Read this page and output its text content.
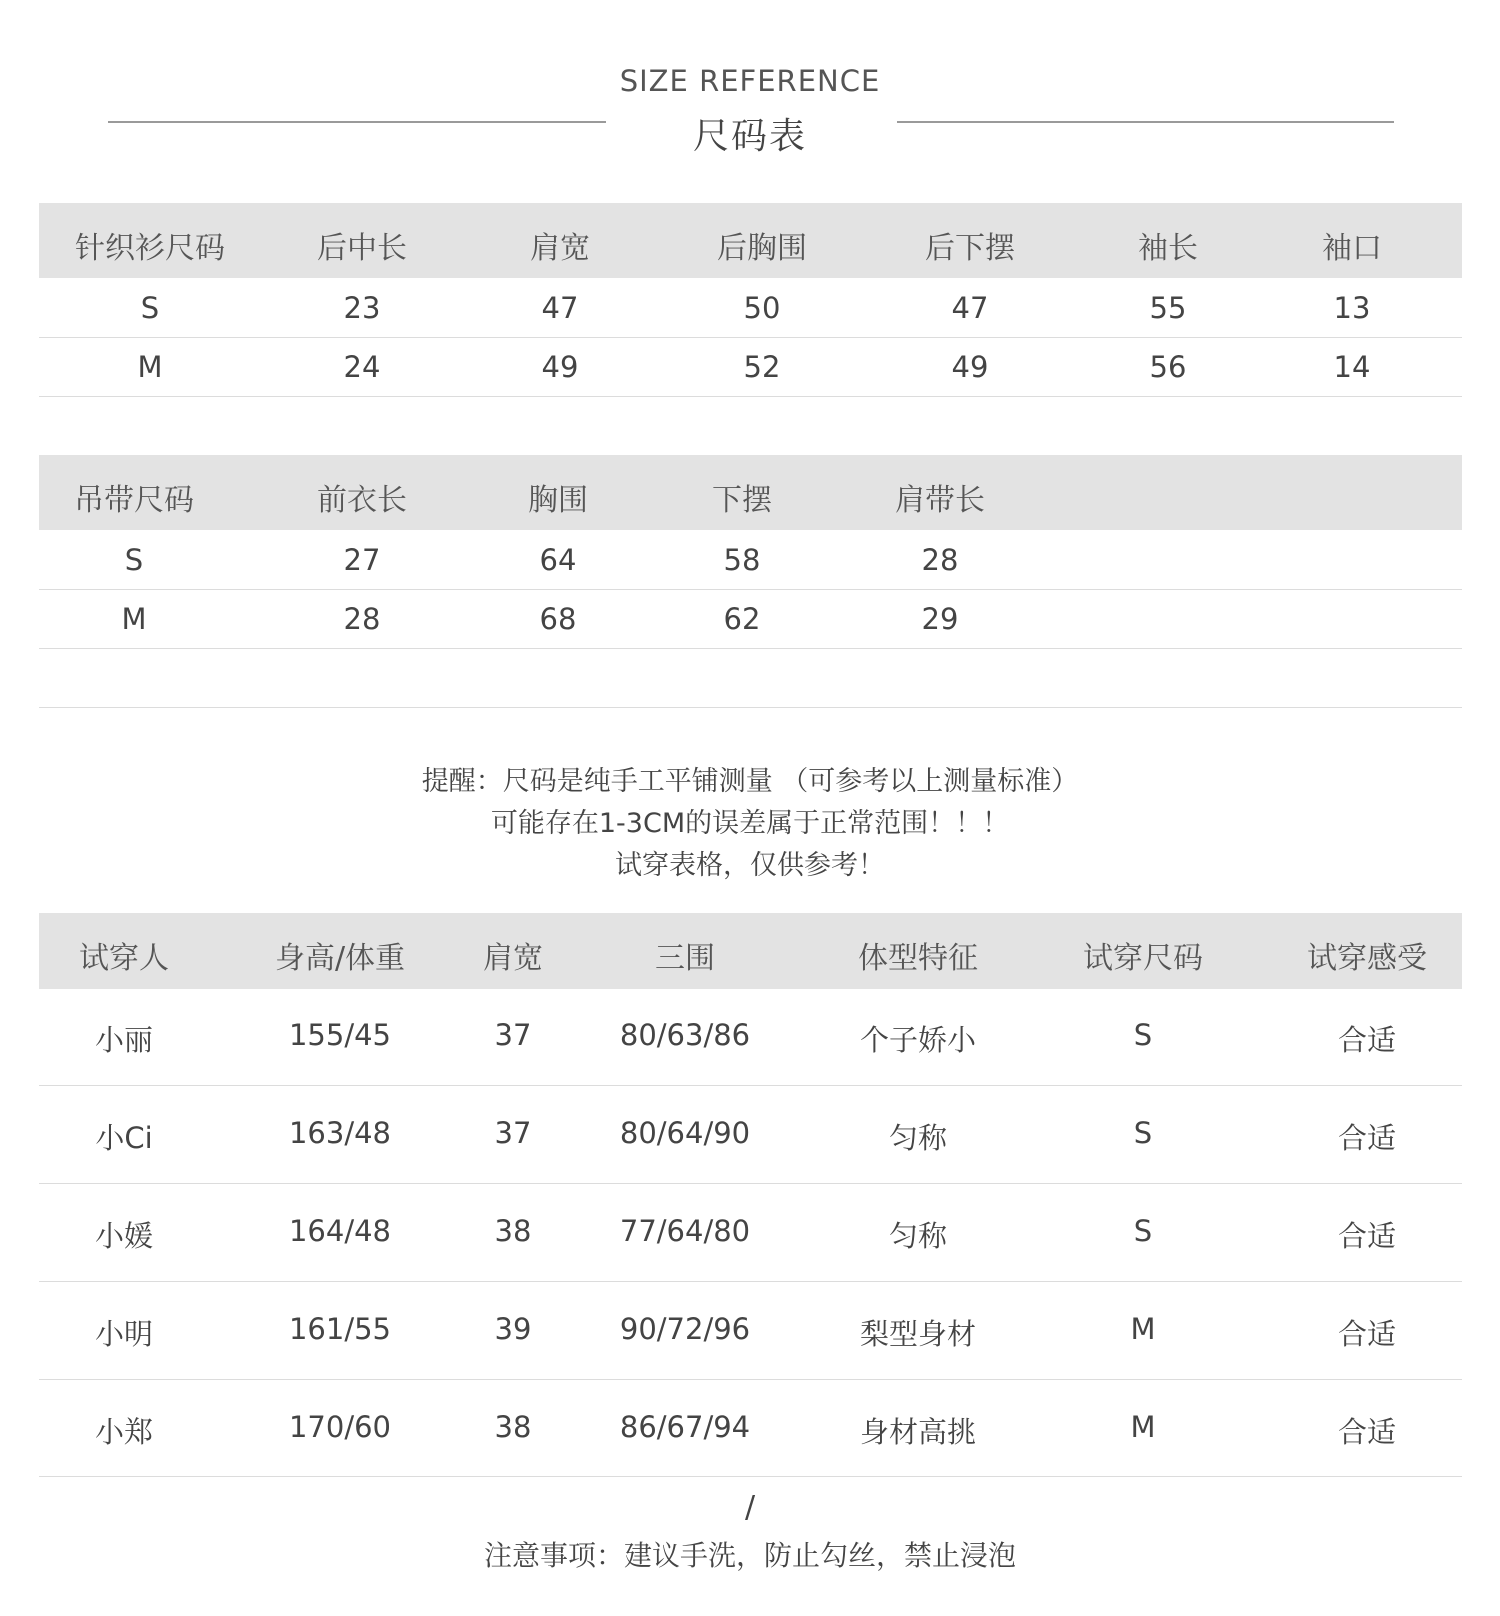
SIZE REFERENCE
尺码表
针织衫尺码	后中长	肩宽	后胸围	后下摆	袖长	袖口
S	23	47	50	47	55	13
M	24	49	52	49	56	14
吊带尺码	前衣长	胸围	下摆	肩带长
S	27	64	58	28
M	28	68	62	29
提醒：尺码是纯手工平铺测量 （可参考以上测量标准）
可能存在1-3CM的误差属于正常范围！！！
试穿表格，仅供参考！
试穿人	身高/体重	肩宽	三围	体型特征	试穿尺码	试穿感受
小丽	155/45	37	80/63/86	个子娇小	S	合适
小Ci	163/48	37	80/64/90	匀称	S	合适
小媛	164/48	38	77/64/80	匀称	S	合适
小明	161/55	39	90/72/96	梨型身材	M	合适
小郑	170/60	38	86/67/94	身材高挑	M	合适
/
注意事项：建议手洗，防止勾丝，禁止浸泡
